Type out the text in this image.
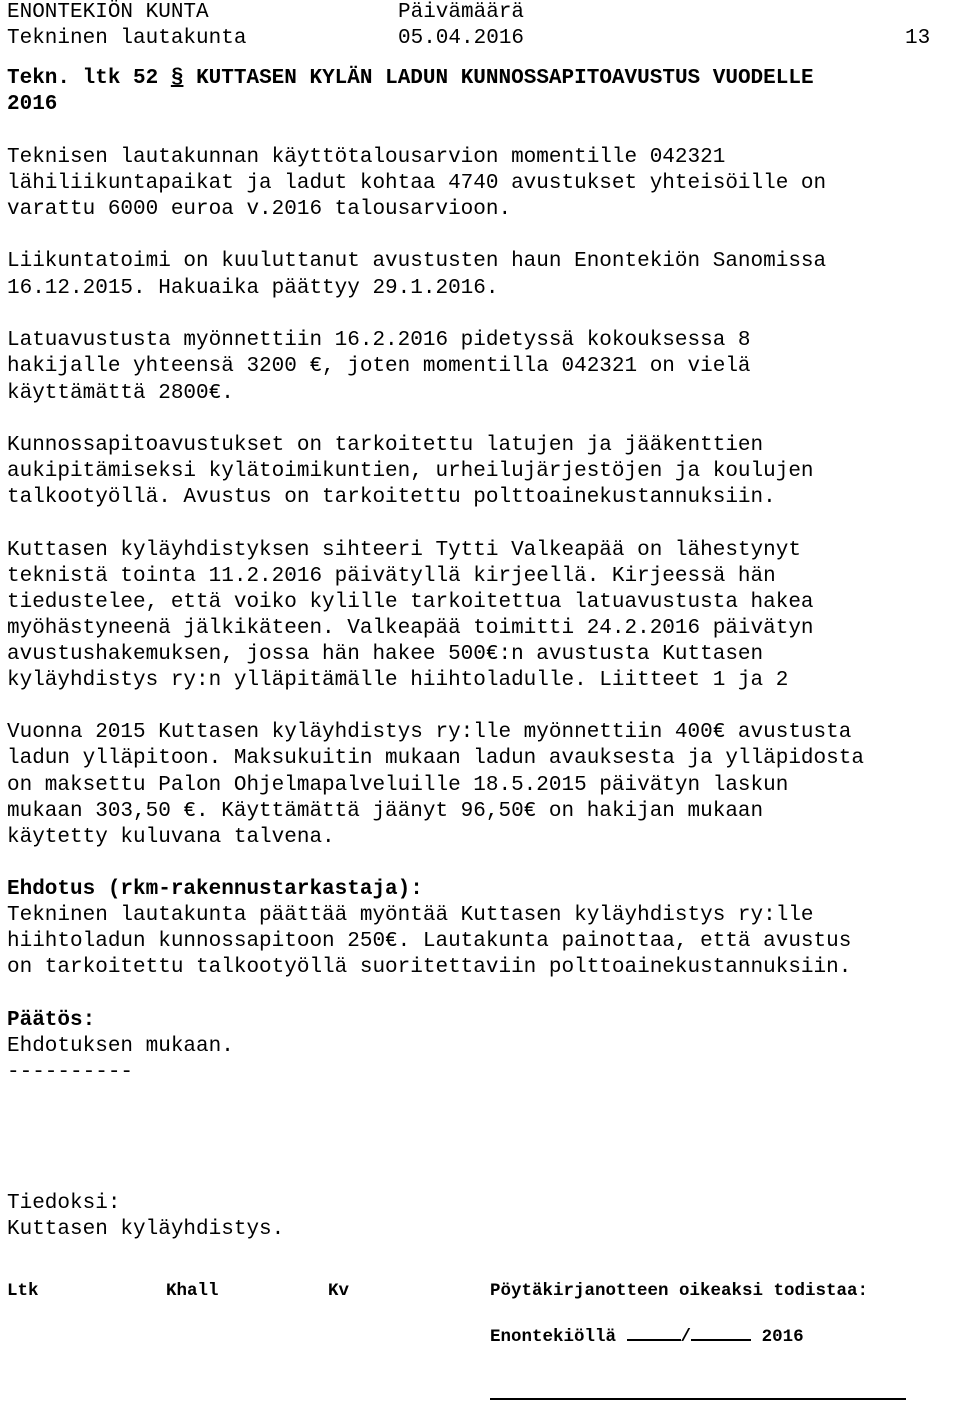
ENONTEKIÖN KUNTA	Päivämäärä
Tekninen lautakunta	05.04.2016	13
Tekn. ltk 52 § KUTTASEN KYLÄN LADUN KUNNOSSAPITOAVUSTUS VUODELLE
2016
Teknisen lautakunnan käyttötalousarvion momentille 042321
lähiliikuntapaikat ja ladut kohtaa 4740 avustukset yhteisöille on
varattu 6000 euroa v.2016 talousarvioon.
Liikuntatoimi on kuuluttanut avustusten haun Enontekiön Sanomissa
16.12.2015. Hakuaika päättyy 29.1.2016.
Latuavustusta myönnettiin 16.2.2016 pidetyssä kokouksessa 8
hakijalle yhteensä 3200 €, joten momentilla 042321 on vielä
käyttämättä 2800€.
Kunnossapitoavustukset on tarkoitettu latujen ja jääkenttien
aukipitämiseksi kylätoimikuntien, urheilujärjestöjen ja koulujen
talkootyöllä. Avustus on tarkoitettu polttoainekustannuksiin.
Kuttasen kyläyhdistyksen sihteeri Tytti Valkeapää on lähestynyt
teknistä tointa 11.2.2016 päivätyllä kirjeellä. Kirjeessä hän
tiedustelee, että voiko kylille tarkoitettua latuavustusta hakea
myöhästyneenä jälkikäteen. Valkeapää toimitti 24.2.2016 päivätyn
avustushakemuksen, jossa hän hakee 500€:n avustusta Kuttasen
kyläyhdistys ry:n ylläpitämälle hiihtoladulle. Liitteet 1 ja 2
Vuonna 2015 Kuttasen kyläyhdistys ry:lle myönnettiin 400€ avustusta
ladun ylläpitoon. Maksukuitin mukaan ladun avauksesta ja ylläpidosta
on maksettu Palon Ohjelmapalveluille 18.5.2015 päivätyn laskun
mukaan 303,50 €. Käyttämättä jäänyt 96,50€ on hakijan mukaan
käytetty kuluvana talvena.
Ehdotus (rkm-rakennustarkastaja):
Tekninen lautakunta päättää myöntää Kuttasen kyläyhdistys ry:lle
hiihtoladun kunnossapitoon 250€. Lautakunta painottaa, että avustus
on tarkoitettu talkootyöllä suoritettaviin polttoainekustannuksiin.
Päätös:
Ehdotuksen mukaan.
----------
Tiedoksi:
Kuttasen kyläyhdistys.
Ltk	Khall	Kv	Pöytäkirjanotteen oikeaksi todistaa:
Enontekiöllä	/	2016
